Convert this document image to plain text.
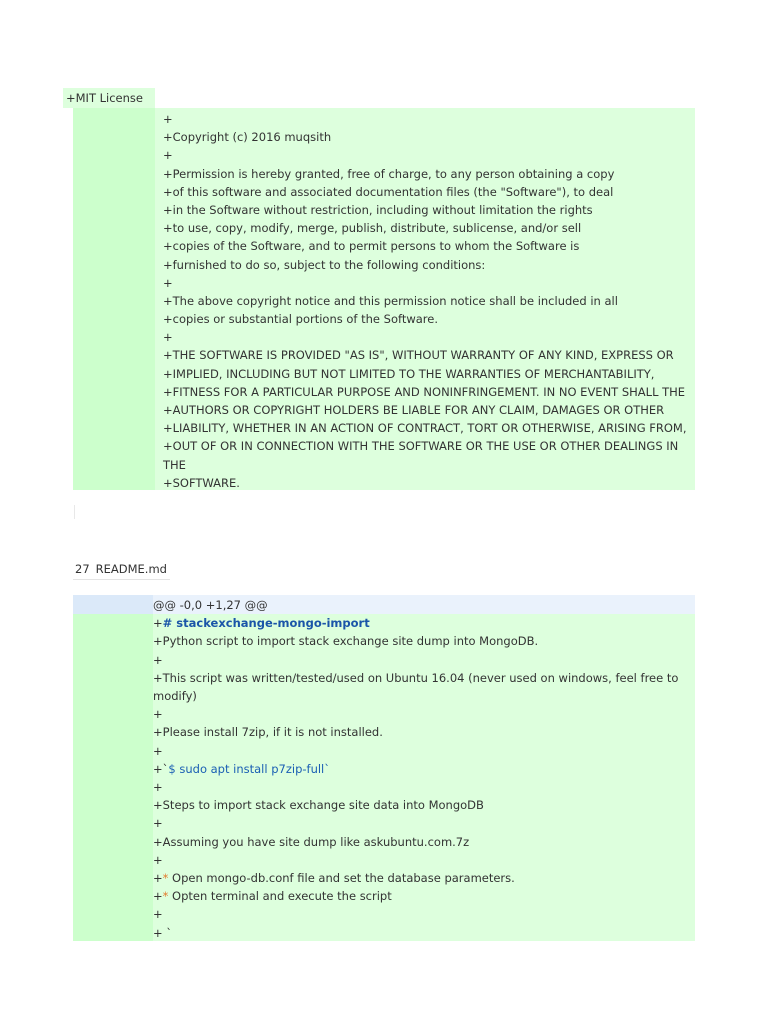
+MIT License
+
+Copyright (c) 2016 muqsith
+
+Permission is hereby granted, free of charge, to any person obtaining a copy
+of this software and associated documentation files (the "Software"), to deal
+in the Software without restriction, including without limitation the rights
+to use, copy, modify, merge, publish, distribute, sublicense, and/or sell
+copies of the Software, and to permit persons to whom the Software is
+furnished to do so, subject to the following conditions:
+
+The above copyright notice and this permission notice shall be included in all
+copies or substantial portions of the Software.
+
+THE SOFTWARE IS PROVIDED "AS IS", WITHOUT WARRANTY OF ANY KIND, EXPRESS OR
+IMPLIED, INCLUDING BUT NOT LIMITED TO THE WARRANTIES OF MERCHANTABILITY,
+FITNESS FOR A PARTICULAR PURPOSE AND NONINFRINGEMENT. IN NO EVENT SHALL THE
+AUTHORS OR COPYRIGHT HOLDERS BE LIABLE FOR ANY CLAIM, DAMAGES OR OTHER
+LIABILITY, WHETHER IN AN ACTION OF CONTRACT, TORT OR OTHERWISE, ARISING FROM,
+OUT OF OR IN CONNECTION WITH THE SOFTWARE OR THE USE OR OTHER DEALINGS IN
THE
+SOFTWARE.
27 README.md
@@ -0,0 +1,27 @@
+# stackexchange-mongo-import
+Python script to import stack exchange site dump into MongoDB.
+
+This script was written/tested/used on Ubuntu 16.04 (never used on windows, feel free to modify)
+
+Please install 7zip, if it is not installed.
+
+`$ sudo apt install p7zip-full`
+
+Steps to import stack exchange site data into MongoDB
+
+Assuming you have site dump like askubuntu.com.7z
+
+* Open mongo-db.conf file and set the database parameters.
+* Opten terminal and execute the script
+
+ `
